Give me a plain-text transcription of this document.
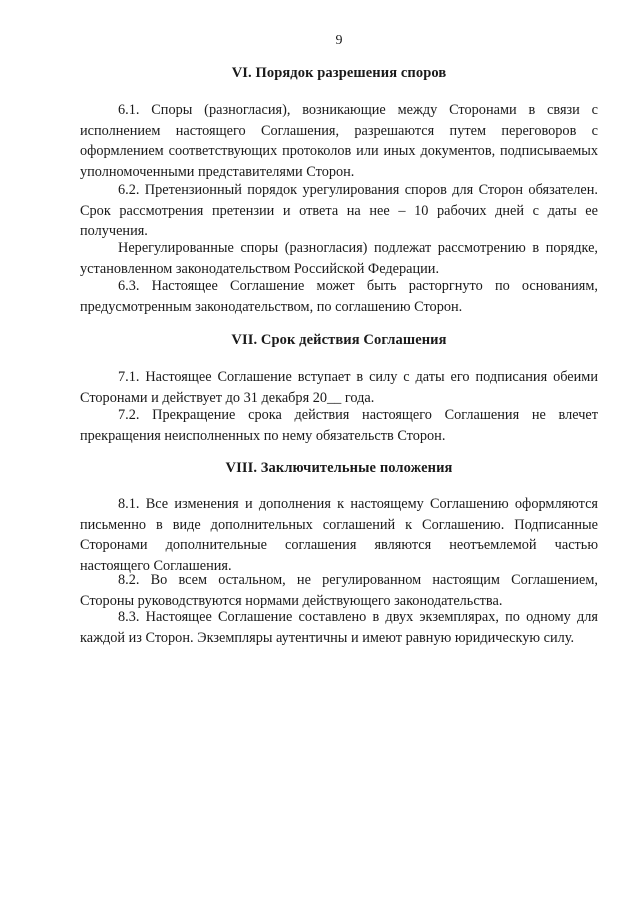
9
VI. Порядок разрешения споров

6.1. Споры (разногласия), возникающие между Сторонами в связи с исполнением настоящего Соглашения, разрешаются путем переговоров с оформлением соответствующих протоколов или иных документов, подписываемых уполномоченными представителями Сторон.

6.2. Претензионный порядок урегулирования споров для Сторон обязателен. Срок рассмотрения претензии и ответа на нее – 10 рабочих дней с даты ее получения.

Нерегулированные споры (разногласия) подлежат рассмотрению в порядке, установленном законодательством Российской Федерации.

6.3. Настоящее Соглашение может быть расторгнуто по основаниям, предусмотренным законодательством, по соглашению Сторон.

VII. Срок действия Соглашения

7.1. Настоящее Соглашение вступает в силу с даты его подписания обеими Сторонами и действует до 31 декабря 20__ года.

7.2. Прекращение срока действия настоящего Соглашения не влечет прекращения неисполненных по нему обязательств Сторон.

VIII. Заключительные положения

8.1. Все изменения и дополнения к настоящему Соглашению оформляются письменно в виде дополнительных соглашений к Соглашению. Подписанные Сторонами дополнительные соглашения являются неотъемлемой частью настоящего Соглашения.

8.2. Во всем остальном, не регулированном настоящим Соглашением, Стороны руководствуются нормами действующего законодательства.

8.3. Настоящее Соглашение составлено в двух экземплярах, по одному для каждой из Сторон. Экземпляры аутентичны и имеют равную юридическую силу.
